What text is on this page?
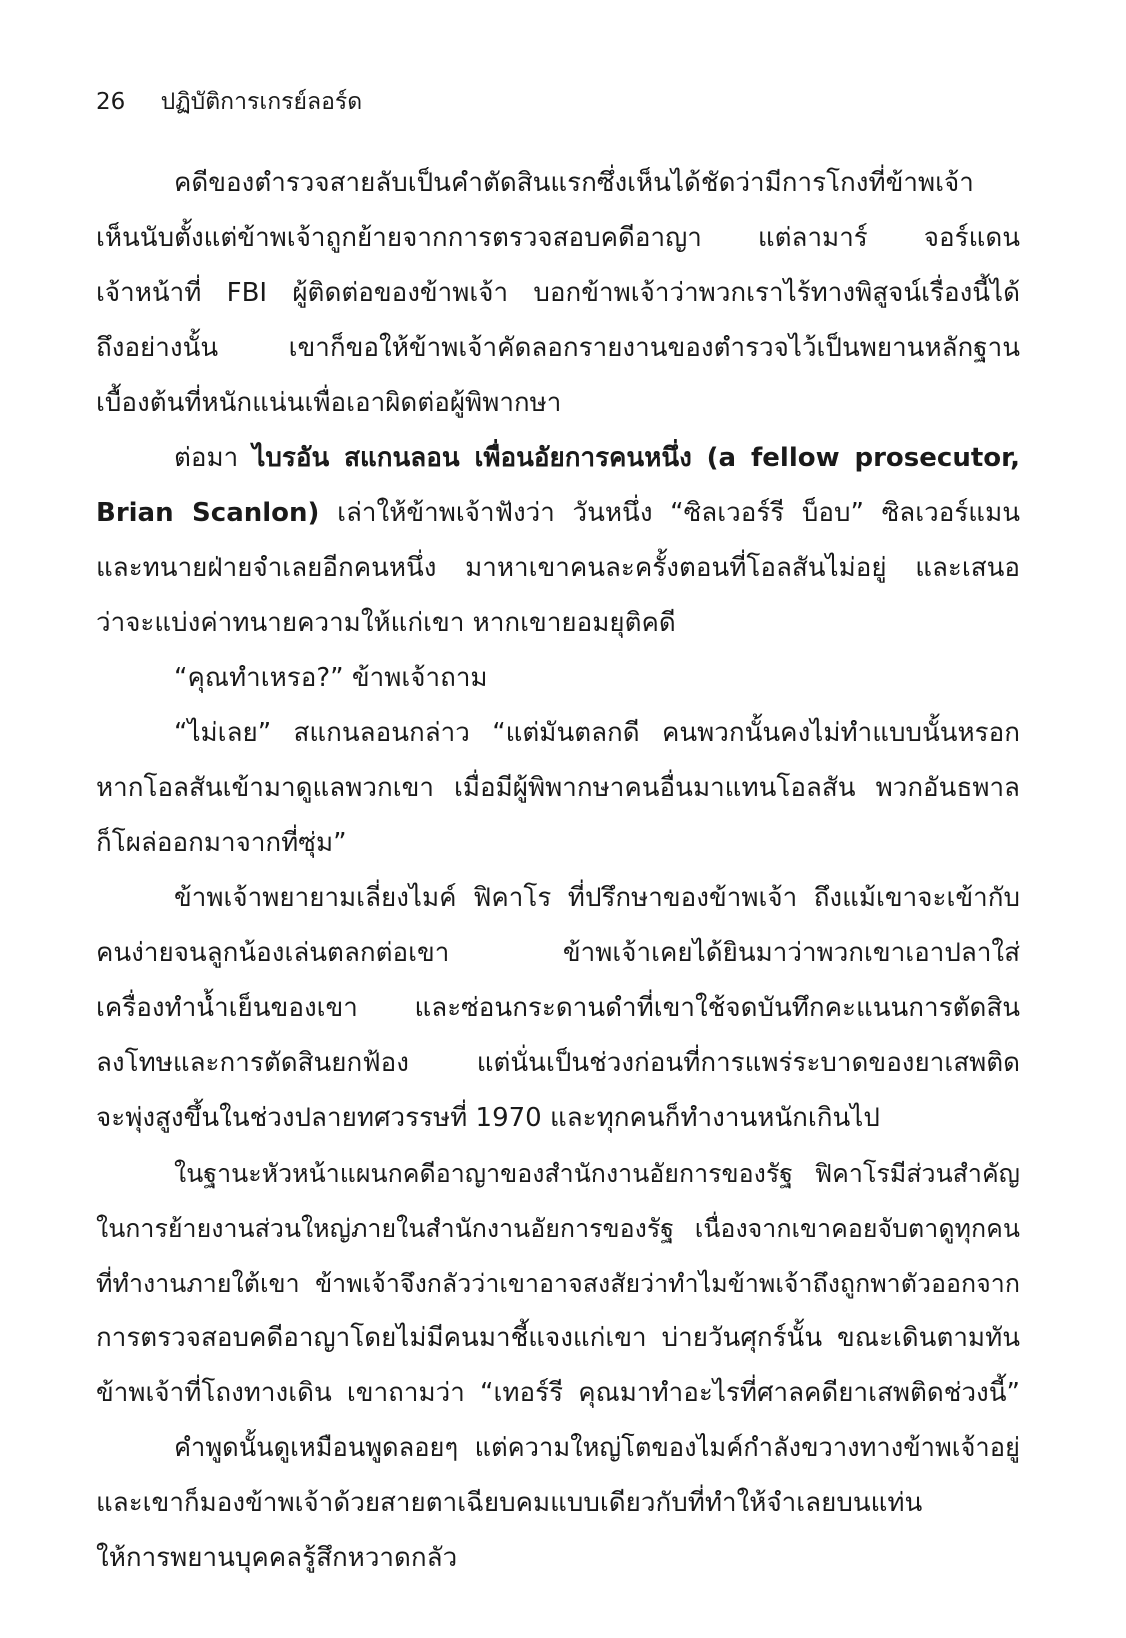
26 ปฏิบัติการเกรย์ลอร์ด
คดีของตำรวจสายลับเป็นคำตัดสินแรกซึ่งเห็นได้ชัดว่ามีการโกงที่ข้าพเจ้า
เห็นนับตั้งแต่ข้าพเจ้าถูกย้ายจากการตรวจสอบคดีอาญา แต่ลามาร์ จอร์แดน
เจ้าหน้าที่ FBI ผู้ติดต่อของข้าพเจ้า บอกข้าพเจ้าว่าพวกเราไร้ทางพิสูจน์เรื่องนี้ได้
ถึงอย่างนั้น เขาก็ขอให้ข้าพเจ้าคัดลอกรายงานของตำรวจไว้เป็นพยานหลักฐาน
เบื้องต้นที่หนักแน่นเพื่อเอาผิดต่อผู้พิพากษา
ต่อมา ไบรอัน สแกนลอน เพื่อนอัยการคนหนึ่ง (a fellow prosecutor,
Brian Scanlon) เล่าให้ข้าพเจ้าฟังว่า วันหนึ่ง “ซิลเวอร์รี บ็อบ” ซิลเวอร์แมน
และทนายฝ่ายจำเลยอีกคนหนึ่ง มาหาเขาคนละครั้งตอนที่โอลสันไม่อยู่ และเสนอ
ว่าจะแบ่งค่าทนายความให้แก่เขา หากเขายอมยุติคดี
“คุณทำเหรอ?” ข้าพเจ้าถาม
“ไม่เลย” สแกนลอนกล่าว “แต่มันตลกดี คนพวกนั้นคงไม่ทำแบบนั้นหรอก
หากโอลสันเข้ามาดูแลพวกเขา เมื่อมีผู้พิพากษาคนอื่นมาแทนโอลสัน พวกอันธพาล
ก็โผล่ออกมาจากที่ซุ่ม”
ข้าพเจ้าพยายามเลี่ยงไมค์ ฟิคาโร ที่ปรึกษาของข้าพเจ้า ถึงแม้เขาจะเข้ากับ
คนง่ายจนลูกน้องเล่นตลกต่อเขา ข้าพเจ้าเคยได้ยินมาว่าพวกเขาเอาปลาใส่
เครื่องทำน้ำเย็นของเขา และซ่อนกระดานดำที่เขาใช้จดบันทึกคะแนนการตัดสิน
ลงโทษและการตัดสินยกฟ้อง แต่นั่นเป็นช่วงก่อนที่การแพร่ระบาดของยาเสพติด
จะพุ่งสูงขึ้นในช่วงปลายทศวรรษที่ 1970 และทุกคนก็ทำงานหนักเกินไป
ในฐานะหัวหน้าแผนกคดีอาญาของสำนักงานอัยการของรัฐ ฟิคาโรมีส่วนสำคัญ
ในการย้ายงานส่วนใหญ่ภายในสำนักงานอัยการของรัฐ เนื่องจากเขาคอยจับตาดูทุกคน
ที่ทำงานภายใต้เขา ข้าพเจ้าจึงกลัวว่าเขาอาจสงสัยว่าทำไมข้าพเจ้าถึงถูกพาตัวออกจาก
การตรวจสอบคดีอาญาโดยไม่มีคนมาชี้แจงแก่เขา บ่ายวันศุกร์นั้น ขณะเดินตามทัน
ข้าพเจ้าที่โถงทางเดิน เขาถามว่า “เทอร์รี คุณมาทำอะไรที่ศาลคดียาเสพติดช่วงนี้”
คำพูดนั้นดูเหมือนพูดลอยๆ แต่ความใหญ่โตของไมค์กำลังขวางทางข้าพเจ้าอยู่
และเขาก็มองข้าพเจ้าด้วยสายตาเฉียบคมแบบเดียวกับที่ทำให้จำเลยบนแท่น
ให้การพยานบุคคลรู้สึกหวาดกลัว
